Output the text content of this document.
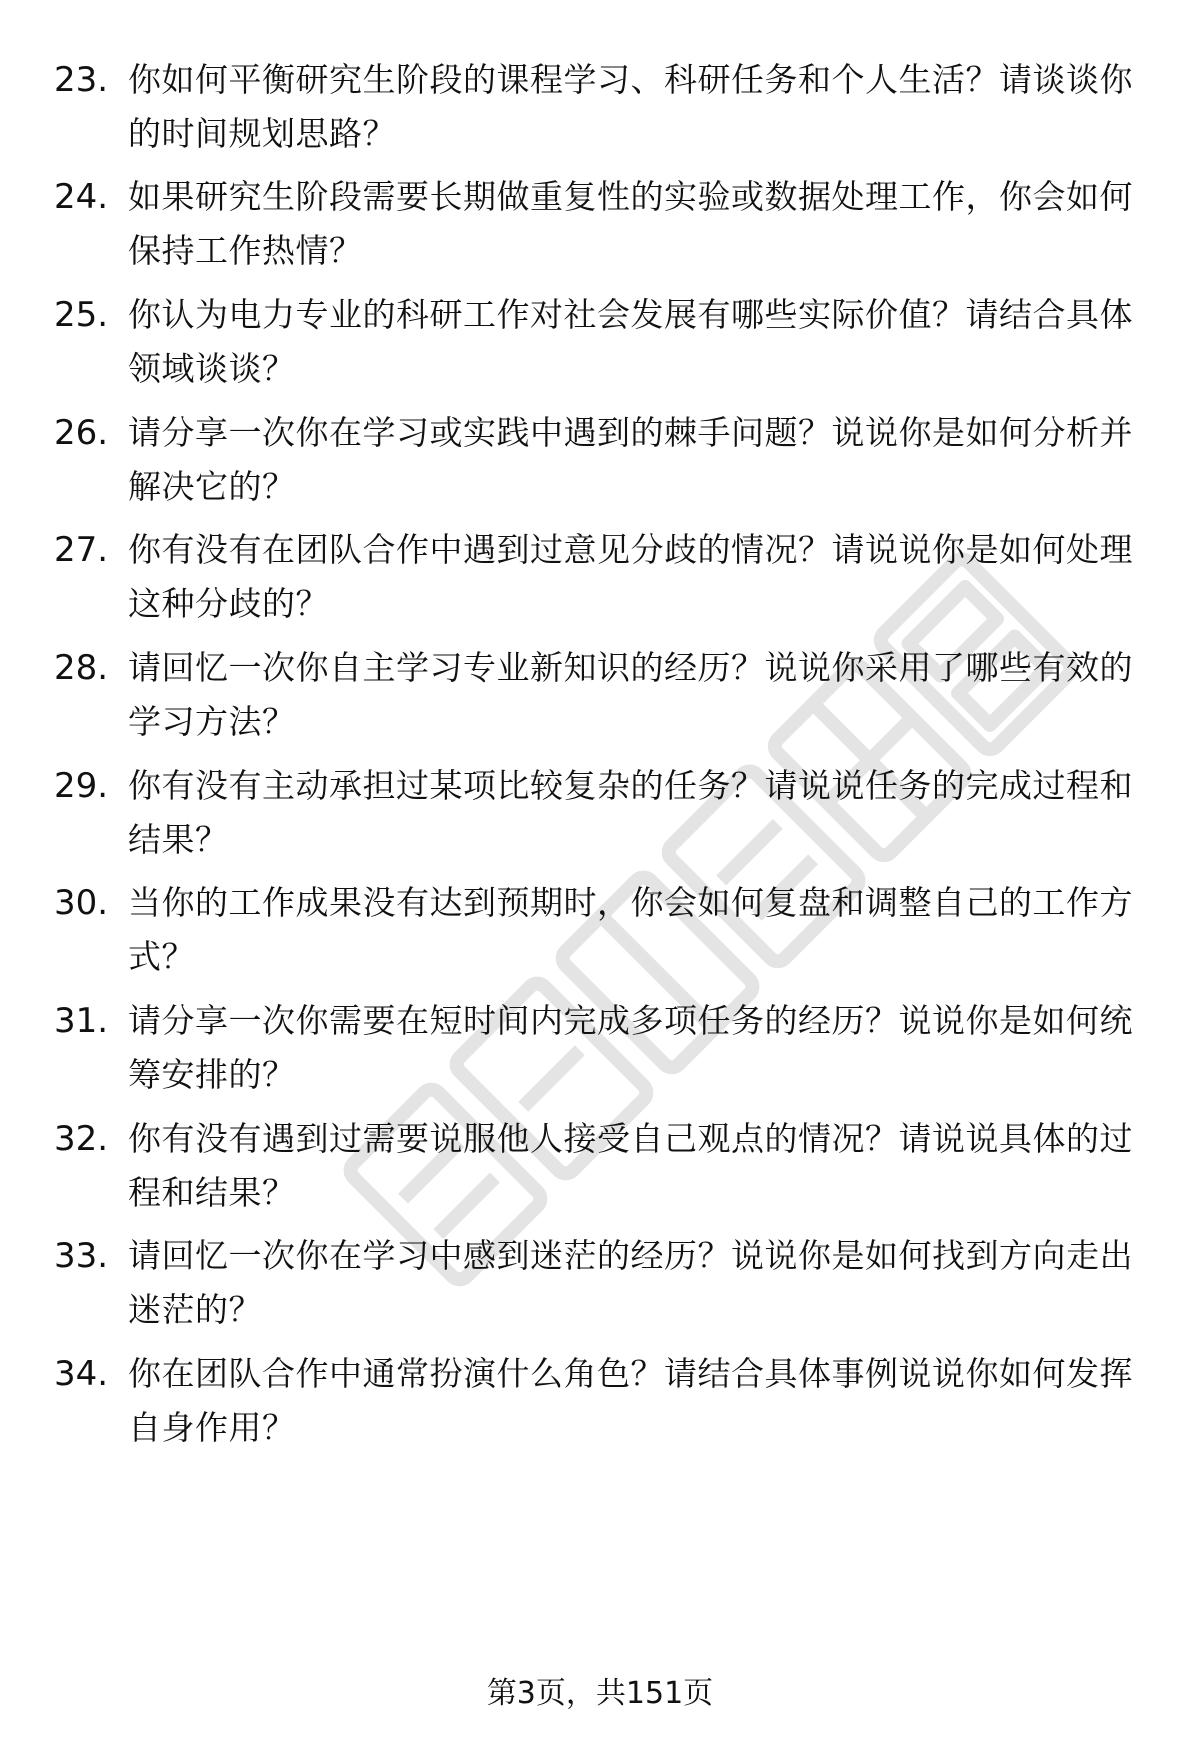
23. 你如何平衡研究生阶段的课程学习、科研任务和个人生活？请谈谈你的时间规划思路？
24. 如果研究生阶段需要长期做重复性的实验或数据处理工作，你会如何保持工作热情？
25. 你认为电力专业的科研工作对社会发展有哪些实际价值？请结合具体领域谈谈？
26. 请分享一次你在学习或实践中遇到的棘手问题？说说你是如何分析并解决它的？
27. 你有没有在团队合作中遇到过意见分歧的情况？请说说你是如何处理这种分歧的？
28. 请回忆一次你自主学习专业新知识的经历？说说你采用了哪些有效的学习方法？
29. 你有没有主动承担过某项比较复杂的任务？请说说任务的完成过程和结果？
30. 当你的工作成果没有达到预期时，你会如何复盘和调整自己的工作方式？
31. 请分享一次你需要在短时间内完成多项任务的经历？说说你是如何统筹安排的？
32. 你有没有遇到过需要说服他人接受自己观点的情况？请说说具体的过程和结果？
33. 请回忆一次你在学习中感到迷茫的经历？说说你是如何找到方向走出迷茫的？
34. 你在团队合作中通常扮演什么角色？请结合具体事例说说你如何发挥自身作用？
第3页，共151页
